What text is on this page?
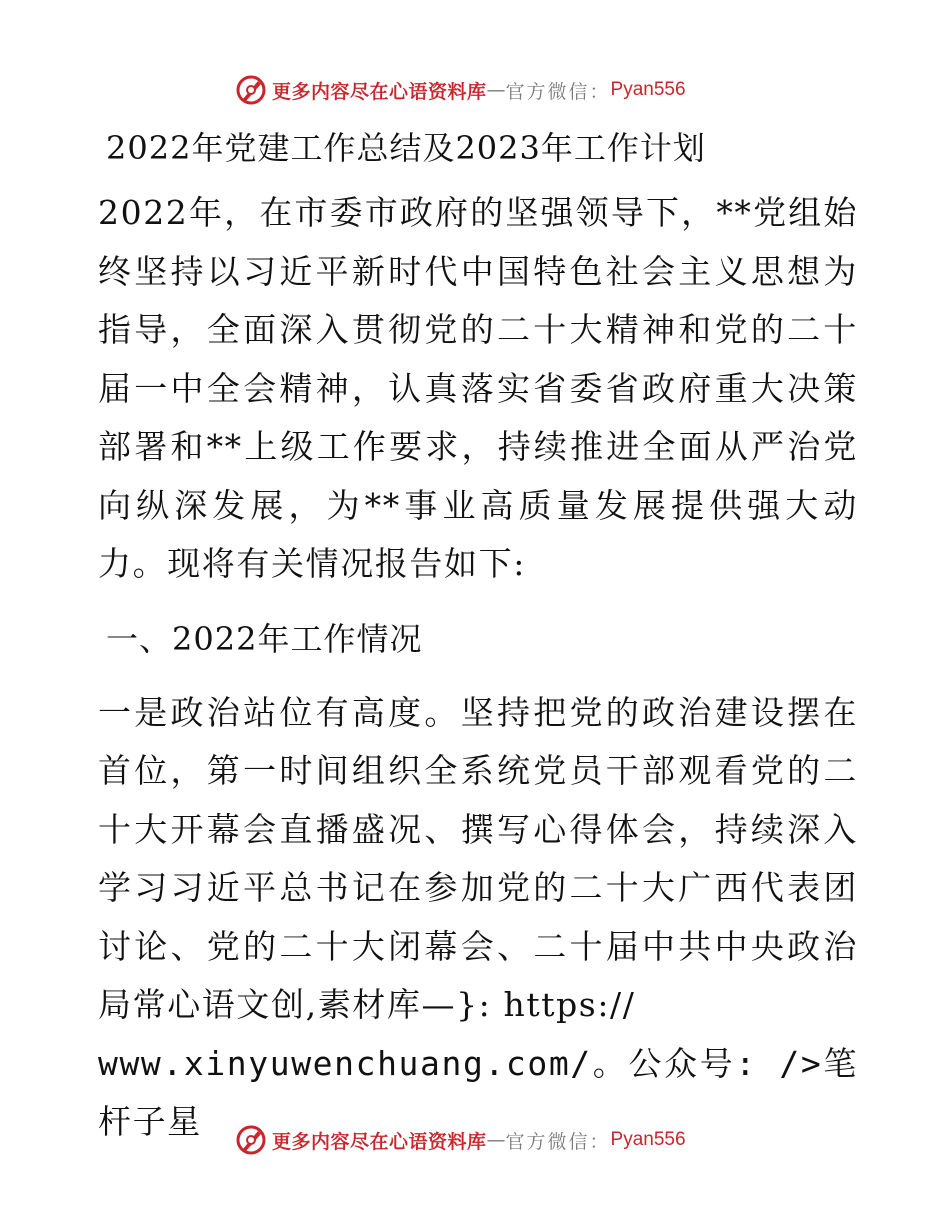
更多内容尽在心语资料库 — 官方微信： Pyan556
2022年党建工作总结及2023年工作计划
2022年，在市委市政府的坚强领导下，**党组始终坚持以习近平新时代中国特色社会主义思想为指导，全面深入贯彻党的二十大精神和党的二十届一中全会精神，认真落实省委省政府重大决策部署和**上级工作要求，持续推进全面从严治党向纵深发展，为**事业高质量发展提供强大动力。现将有关情况报告如下:
一、2022年工作情况
一是政治站位有高度。坚持把党的政治建设摆在首位，第一时间组织全系统党员干部观看党的二十大开幕会直播盛况、撰写心得体会，持续深入学习习近平总书记在参加党的二十大广西代表团讨论、党的二十大闭幕会、二十届中共中央政治局常心语文创,素材库—}: https://
www.xinyuwenchuang.com/。公众号: />笔杆子星
更多内容尽在心语资料库 — 官方微信： Pyan556
